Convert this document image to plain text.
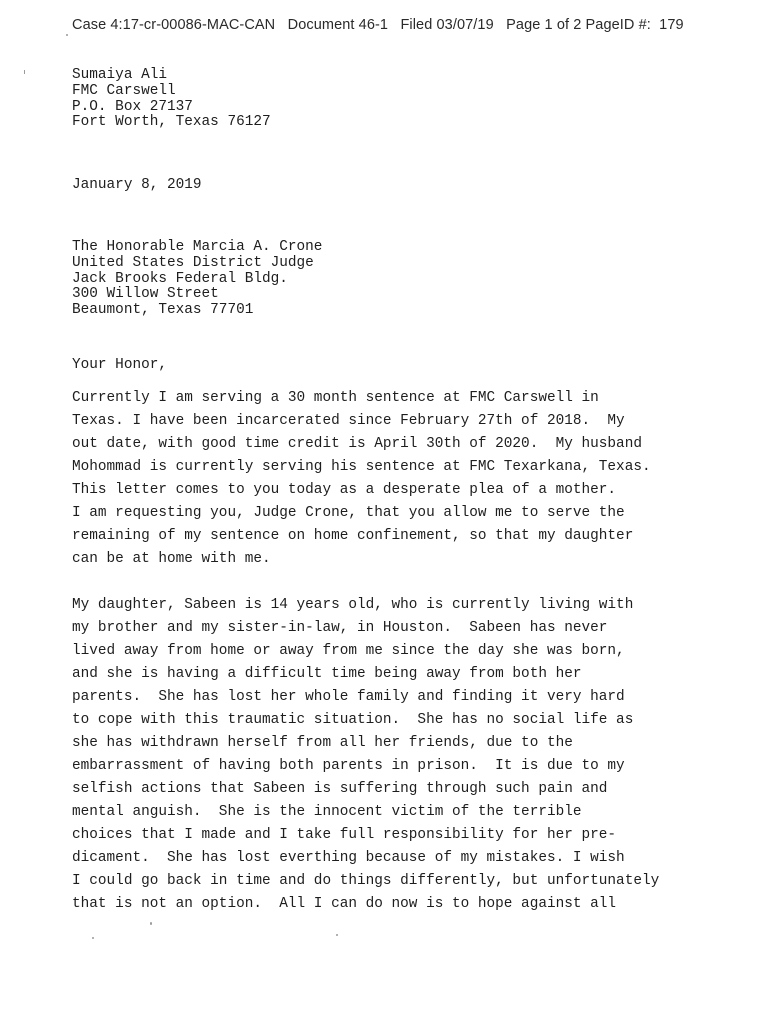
Case 4:17-cr-00086-MAC-CAN   Document 46-1   Filed 03/07/19   Page 1 of 2 PageID #:  179
Sumaiya Ali
FMC Carswell
P.O. Box 27137
Fort Worth, Texas 76127
January 8, 2019
The Honorable Marcia A. Crone
United States District Judge
Jack Brooks Federal Bldg.
300 Willow Street
Beaumont, Texas 77701
Your Honor,
Currently I am serving a 30 month sentence at FMC Carswell in
Texas. I have been incarcerated since February 27th of 2018.  My
out date, with good time credit is April 30th of 2020.  My husband
Mohommad is currently serving his sentence at FMC Texarkana, Texas.
This letter comes to you today as a desperate plea of a mother.
I am requesting you, Judge Crone, that you allow me to serve the
remaining of my sentence on home confinement, so that my daughter
can be at home with me.
My daughter, Sabeen is 14 years old, who is currently living with
my brother and my sister-in-law, in Houston.  Sabeen has never
lived away from home or away from me since the day she was born,
and she is having a difficult time being away from both her
parents.  She has lost her whole family and finding it very hard
to cope with this traumatic situation.  She has no social life as
she has withdrawn herself from all her friends, due to the
embarrassment of having both parents in prison.  It is due to my
selfish actions that Sabeen is suffering through such pain and
mental anguish.  She is the innocent victim of the terrible
choices that I made and I take full responsibility for her pre-
dicament.  She has lost everthing because of my mistakes. I wish
I could go back in time and do things differently, but unfortunately
that is not an option.  All I can do now is to hope against all
